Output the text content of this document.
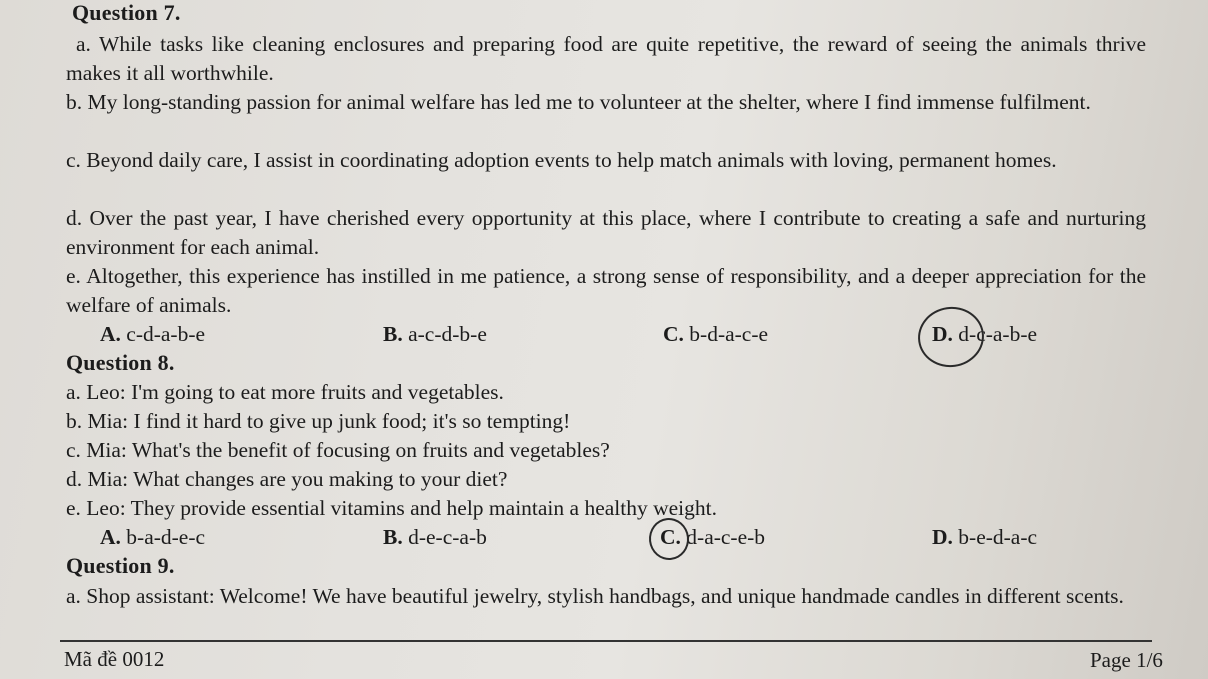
Question 7.
a. While tasks like cleaning enclosures and preparing food are quite repetitive, the reward of seeing the animals thrive makes it all worthwhile.
b. My long-standing passion for animal welfare has led me to volunteer at the shelter, where I find immense fulfilment.
c. Beyond daily care, I assist in coordinating adoption events to help match animals with loving, permanent homes.
d. Over the past year, I have cherished every opportunity at this place, where I contribute to creating a safe and nurturing environment for each animal.
e. Altogether, this experience has instilled in me patience, a strong sense of responsibility, and a deeper appreciation for the welfare of animals.
A. c-d-a-b-e	B. a-c-d-b-e	C. b-d-a-c-e	D. d-c-a-b-e
Question 8.
a. Leo: I'm going to eat more fruits and vegetables.
b. Mia: I find it hard to give up junk food; it's so tempting!
c. Mia: What's the benefit of focusing on fruits and vegetables?
d. Mia: What changes are you making to your diet?
e. Leo: They provide essential vitamins and help maintain a healthy weight.
A. b-a-d-e-c	B. d-e-c-a-b	C. d-a-c-e-b	D. b-e-d-a-c
Question 9.
a. Shop assistant: Welcome! We have beautiful jewelry, stylish handbags, and unique handmade candles in different scents.
Mã đề 0012	Page 1/6
